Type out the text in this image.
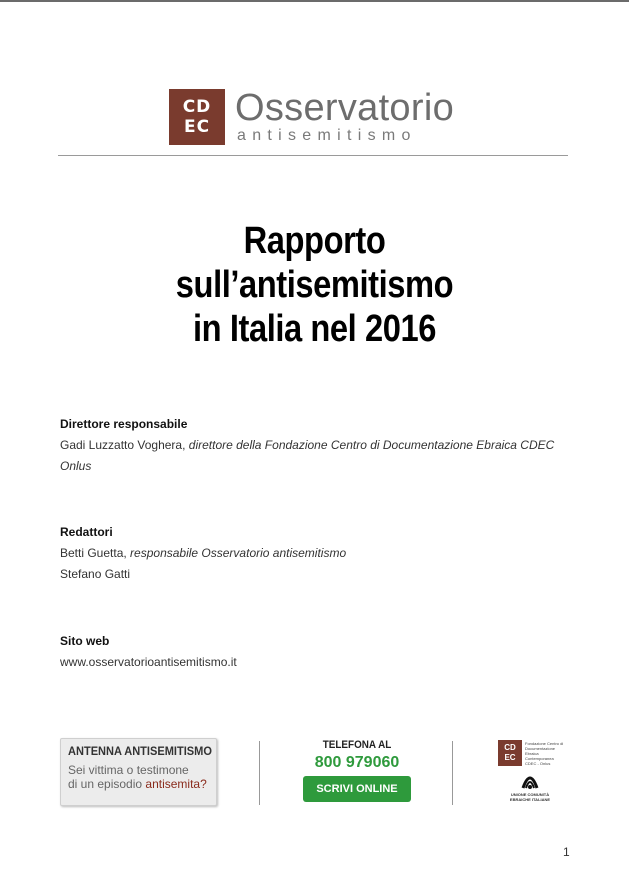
CD
EC Osservatorio
antisemitismo
Rapporto
sull’antisemitismo
in Italia nel 2016
Direttore responsabile
Gadi Luzzatto Voghera, direttore della Fondazione Centro di Documentazione Ebraica CDEC Onlus
Redattori
Betti Guetta, responsabile Osservatorio antisemitismo
Stefano Gatti
Sito web
www.osservatorioantisemitismo.it
ANTENNA ANTISEMITISMO
Sei vittima o testimone
di un episodio antisemita?
TELEFONA AL
800 979060
SCRIVI ONLINE
CD
EC
Fondazione Centro di Documentazione Ebraica Contemporanea CDEC - Onlus
UNIONE COMUNITÀ EBRAICHE ITALIANE
1
